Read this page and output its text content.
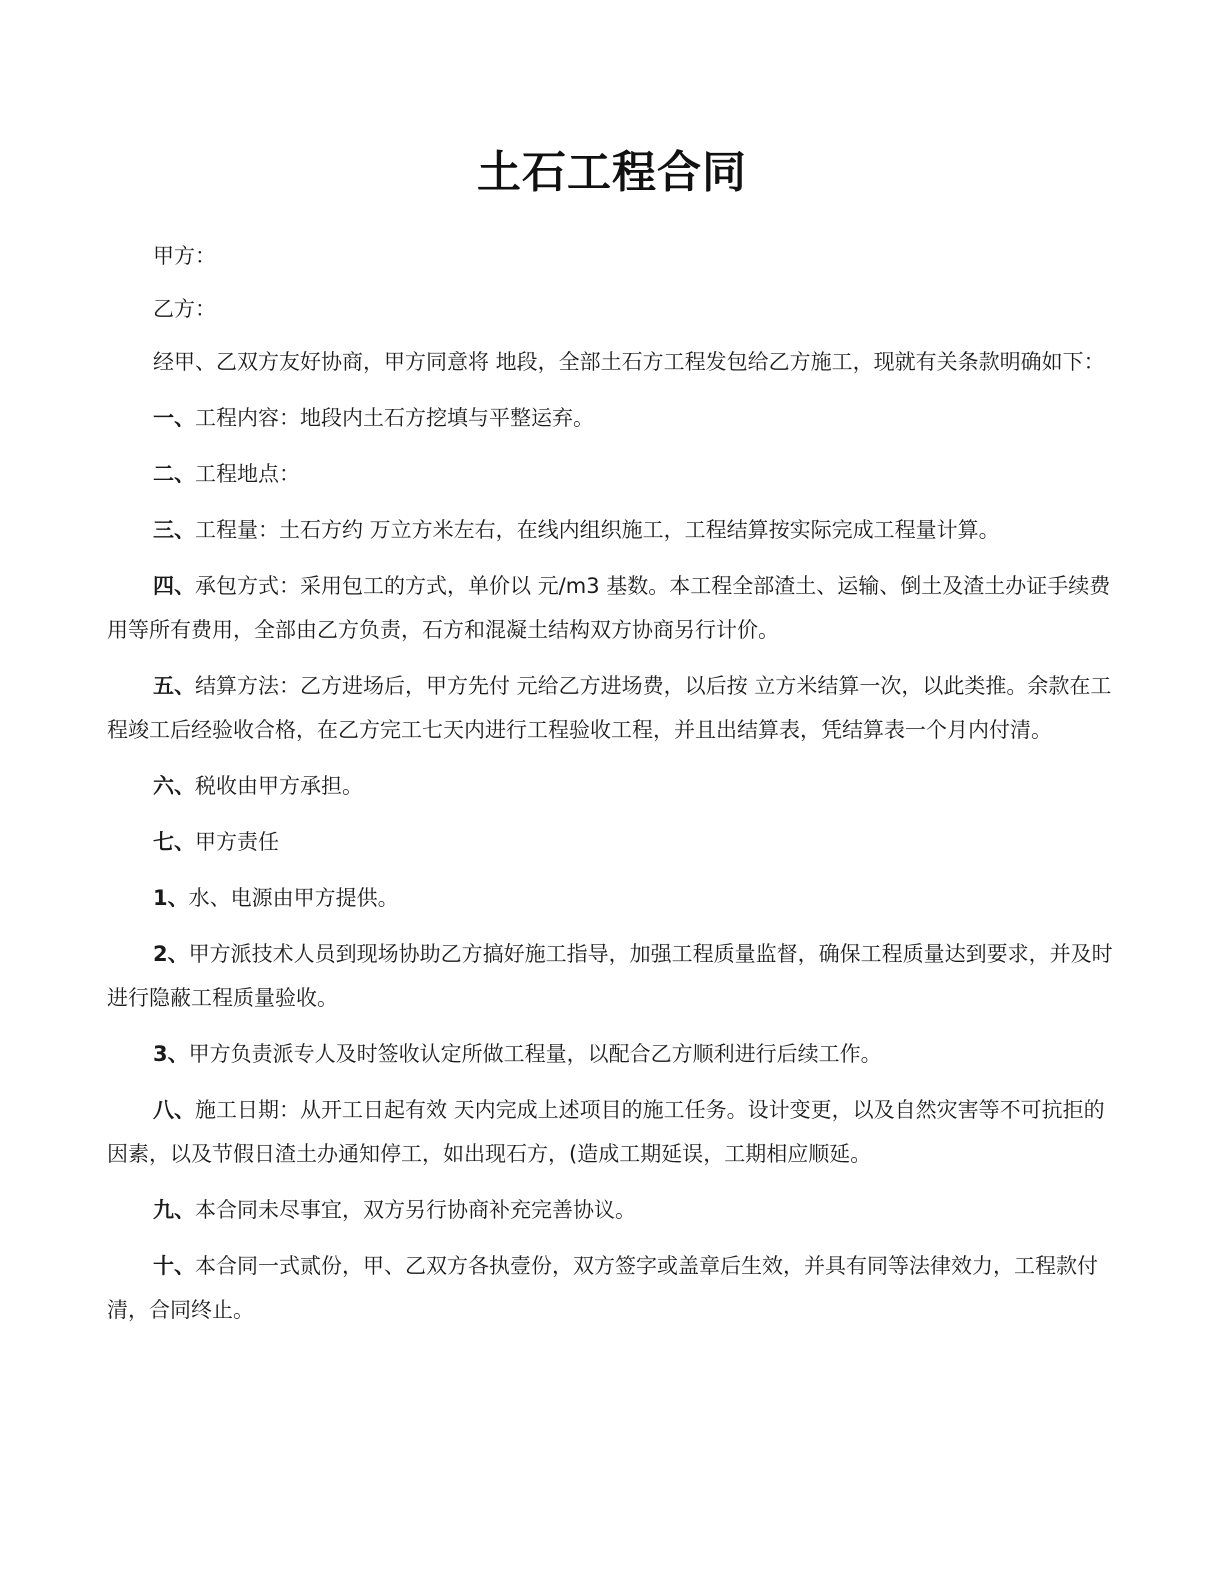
土石工程合同

甲方：

乙方：

经甲、乙双方友好协商，甲方同意将 地段，全部土石方工程发包给乙方施工，现就有关条款明确如下：

一、工程内容：地段内土石方挖填与平整运弃。

二、工程地点：

三、工程量：土石方约 万立方米左右，在线内组织施工，工程结算按实际完成工程量计算。

四、承包方式：采用包工的方式，单价以 元/m3 基数。本工程全部渣土、运输、倒土及渣土办证手续费用等所有费用，全部由乙方负责，石方和混凝土结构双方协商另行计价。

五、结算方法：乙方进场后，甲方先付 元给乙方进场费，以后按 立方米结算一次，以此类推。余款在工程竣工后经验收合格，在乙方完工七天内进行工程验收工程，并且出结算表，凭结算表一个月内付清。

六、税收由甲方承担。

七、甲方责任

1、水、电源由甲方提供。

2、甲方派技术人员到现场协助乙方搞好施工指导，加强工程质量监督，确保工程质量达到要求，并及时进行隐蔽工程质量验收。

3、甲方负责派专人及时签收认定所做工程量，以配合乙方顺利进行后续工作。

八、施工日期：从开工日起有效 天内完成上述项目的施工任务。设计变更，以及自然灾害等不可抗拒的因素，以及节假日渣土办通知停工，如出现石方，(造成工期延误，工期相应顺延。

九、本合同未尽事宜，双方另行协商补充完善协议。

十、本合同一式贰份，甲、乙双方各执壹份，双方签字或盖章后生效，并具有同等法律效力，工程款付清，合同终止。
